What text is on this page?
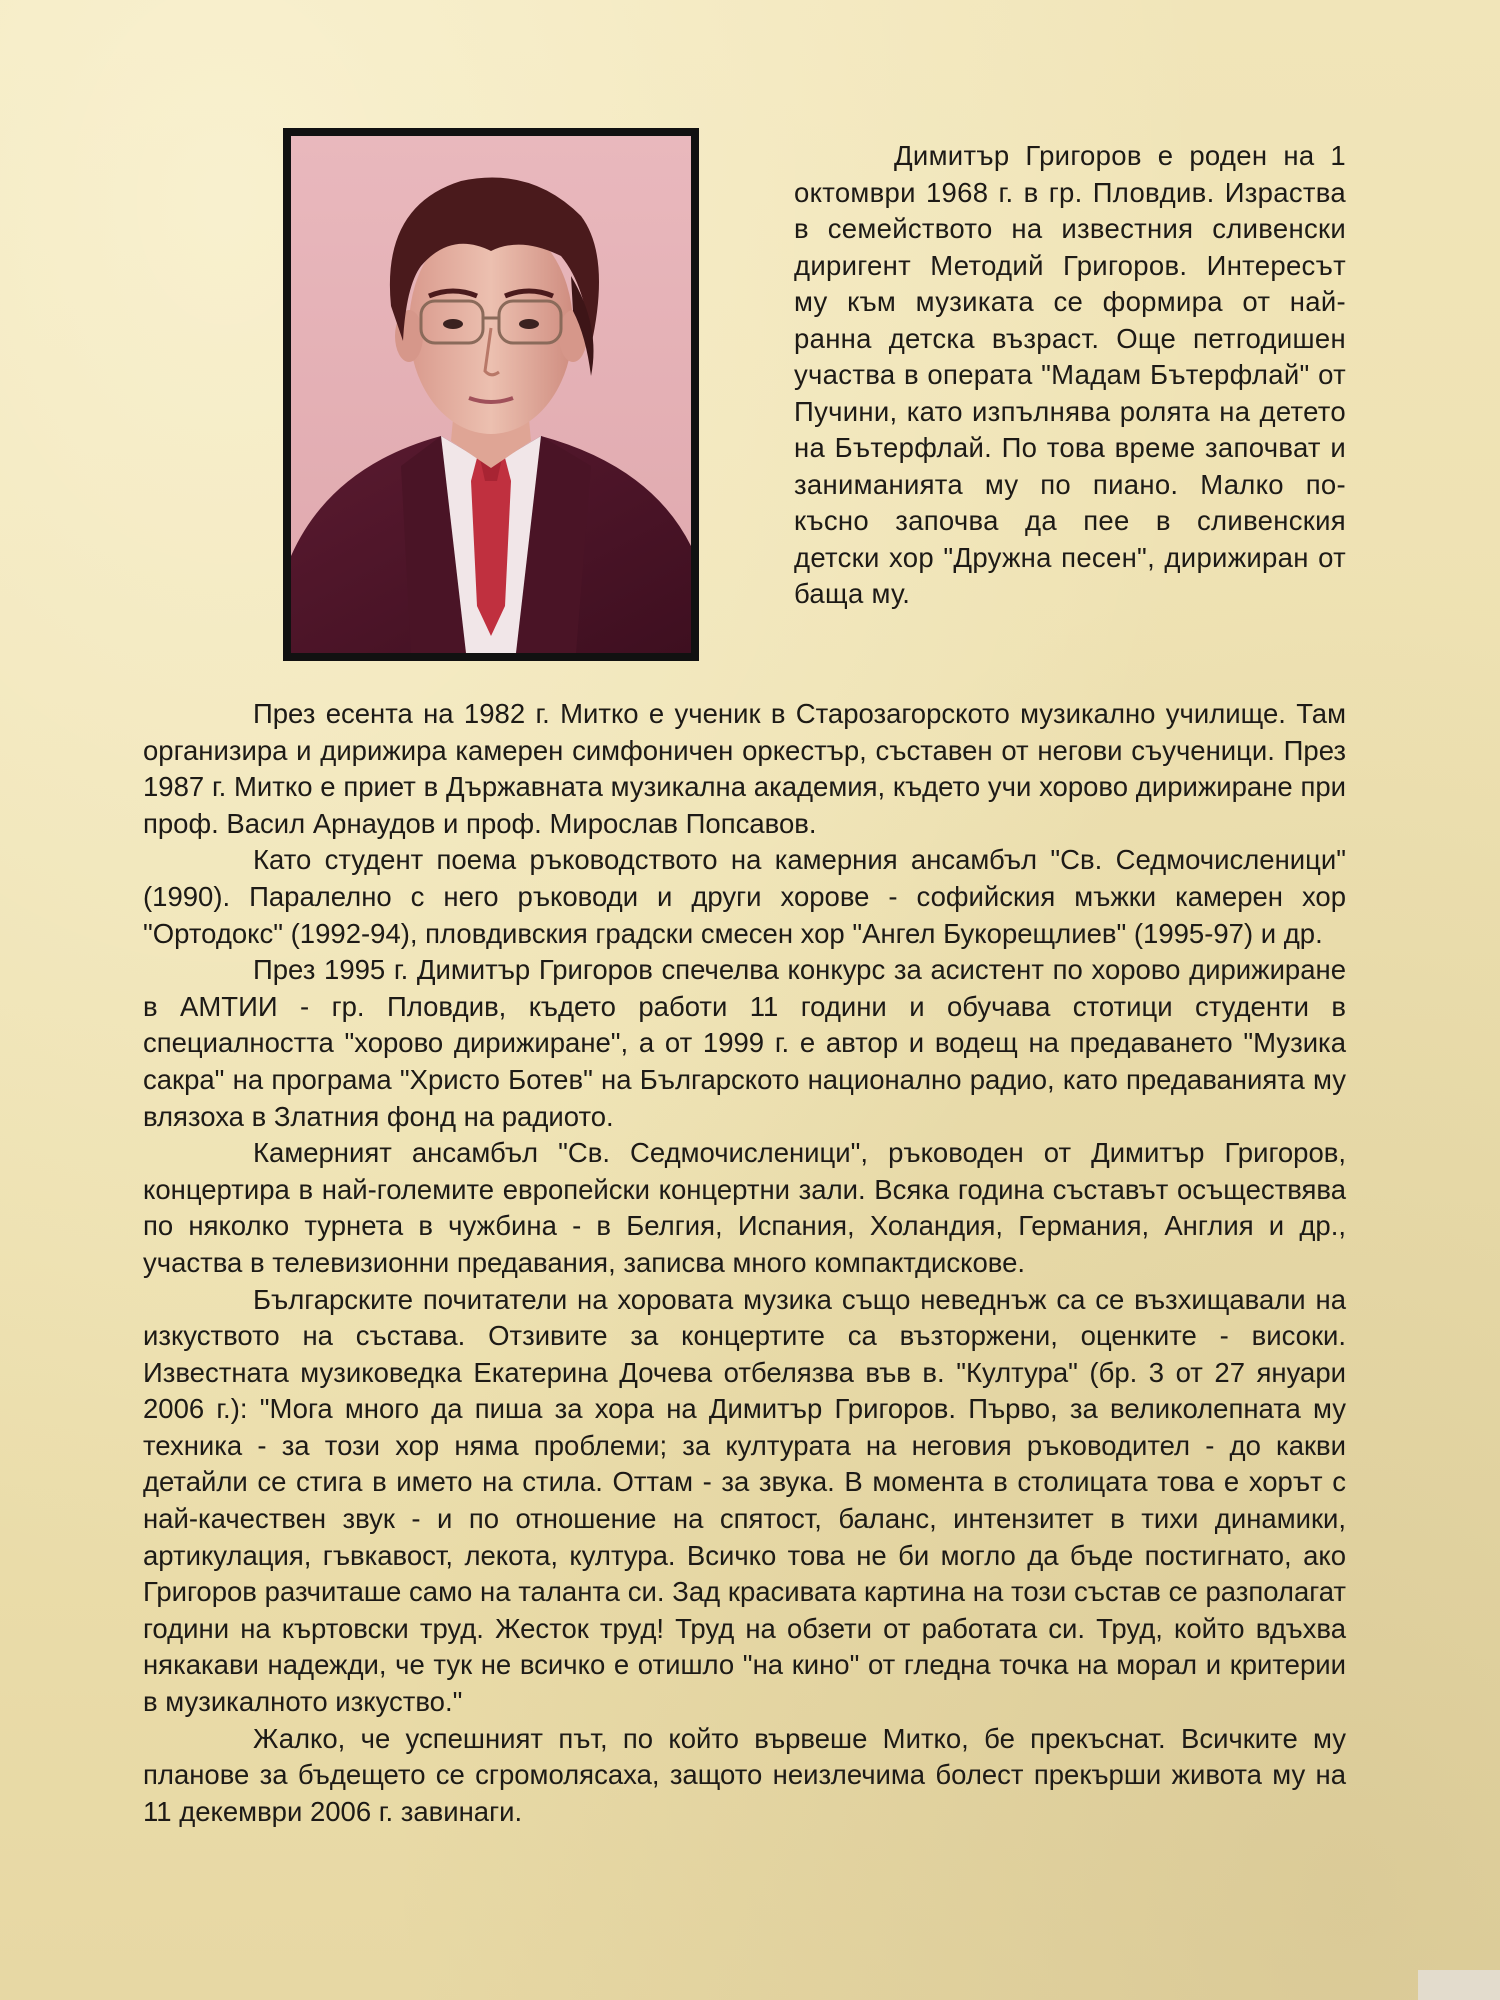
Димитър Григоров е роден на 1 октомври 1968 г. в гр. Пловдив. Израства в семейството на известния сливенски диригент Методий Григоров. Интересът му към музиката се формира от най-ранна детска възраст. Още петгодишен участва в операта "Мадам Бътерфлай" от Пучини, като изпълнява ролята на детето на Бътерфлай. По това време започват и заниманията му по пиано. Малко по-късно започва да пее в сливенския детски хор "Дружна песен", дирижиран от баща му.

През есента на 1982 г. Митко е ученик в Старозагорското музикално училище. Там организира и дирижира камерен симфоничен оркестър, съставен от негови съученици. През 1987 г. Митко е приет в Държавната музикална академия, където учи хорово дирижиране при проф. Васил Арнаудов и проф. Мирослав Попсавов.

Като студент поема ръководството на камерния ансамбъл "Св. Седмочисленици" (1990). Паралелно с него ръководи и други хорове - софийския мъжки камерен хор "Ортодокс" (1992-94), пловдивския градски смесен хор "Ангел Букорещлиев" (1995-97) и др.

През 1995 г. Димитър Григоров спечелва конкурс за асистент по хорово дирижиране в АМТИИ - гр. Пловдив, където работи 11 години и обучава стотици студенти в специалността "хорово дирижиране", а от 1999 г. е автор и водещ на предаването "Музика сакра" на програма "Христо Ботев" на Българското национално радио, като предаванията му влязоха в Златния фонд на радиото.

Камерният ансамбъл "Св. Седмочисленици", ръководен от Димитър Григоров, концертира в най-големите европейски концертни зали. Всяка година съставът осъществява по няколко турнета в чужбина - в Белгия, Испания, Холандия, Германия, Англия и др., участва в телевизионни предавания, записва много компактдискове.

Българските почитатели на хоровата музика също неведнъж са се възхищавали на изкуството на състава. Отзивите за концертите са възторжени, оценките - високи. Известната музиковедка Екатерина Дочева отбелязва във в. "Култура" (бр. 3 от 27 януари 2006 г.): "Мога много да пиша за хора на Димитър Григоров. Първо, за великолепната му техника - за този хор няма проблеми; за културата на неговия ръководител - до какви детайли се стига в името на стила. Оттам - за звука. В момента в столицата това е хорът с най-качествен звук - и по отношение на спятост, баланс, интензитет в тихи динамики, артикулация, гъвкавост, лекота, култура. Всичко това не би могло да бъде постигнато, ако Григоров разчиташе само на таланта си. Зад красивата картина на този състав се разполагат години на къртовски труд. Жесток труд! Труд на обзети от работата си. Труд, който вдъхва някакави надежди, че тук не всичко е отишло "на кино" от гледна точка на морал и критерии в музикалното изкуство."

Жалко, че успешният път, по който вървеше Митко, бе прекъснат. Всичките му планове за бъдещето се сгромолясаха, защото неизлечима болест прекърши живота му на 11 декември 2006 г. завинаги.
